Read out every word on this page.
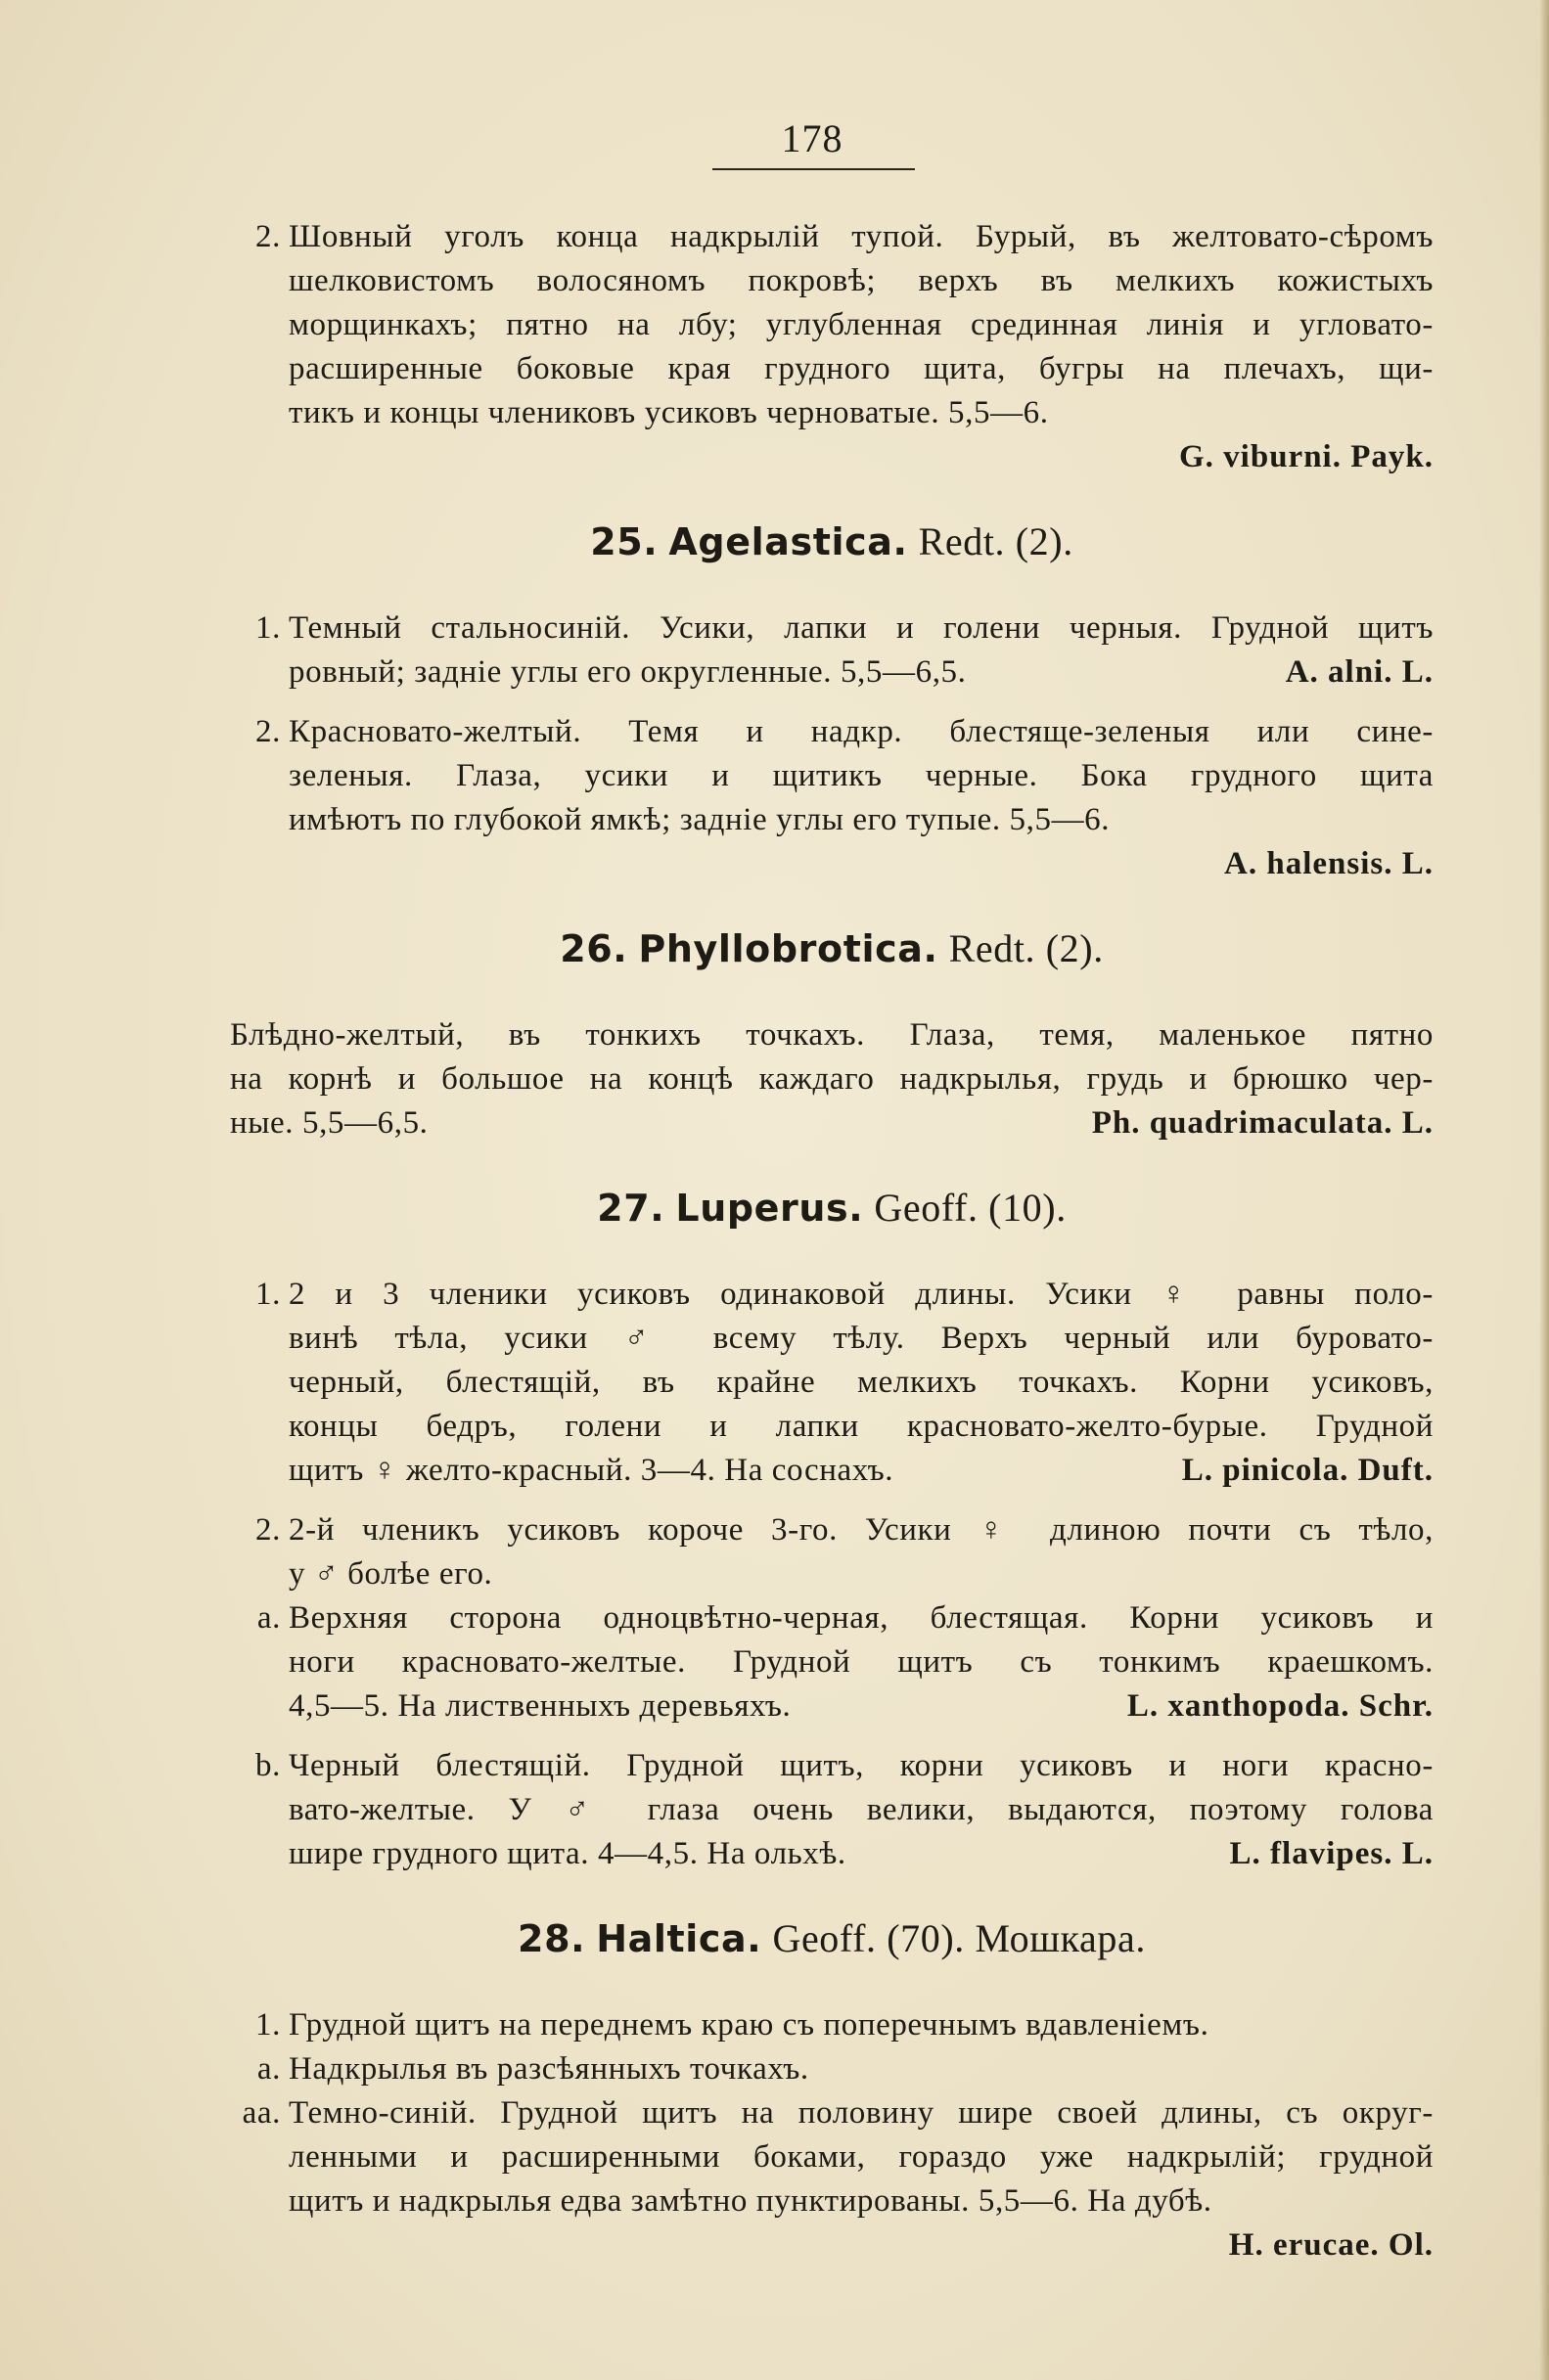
178
2. Шовный уголъ конца надкрылій тупой. Бурый, въ желтовато-сѣромъ
шелковистомъ волосяномъ покровѣ; верхъ въ мелкихъ кожистыхъ
морщинкахъ; пятно на лбу; углубленная срединная линія и угловато-
расширенные боковые края грудного щита, бугры на плечахъ, щи-
тикъ и концы члениковъ усиковъ черноватые. 5,5—6.
G. viburni. Payk.
25. Agelastica. Redt. (2).
1. Темный стальносиній. Усики, лапки и голени черныя. Грудной щитъ
ровный; задніе углы его округленные. 5,5—6,5.	A. alni. L.
2. Красновато-желтый. Темя и надкр. блестяще-зеленыя или сине-
зеленыя. Глаза, усики и щитикъ черные. Бока грудного щита
имѣютъ по глубокой ямкѣ; задніе углы его тупые. 5,5—6.
A. halensis. L.
26. Phyllobrotica. Redt. (2).
Блѣдно-желтый, въ тонкихъ точкахъ. Глаза, темя, маленькое пятно
на корнѣ и большое на концѣ каждаго надкрылья, грудь и брюшко чер-
ные. 5,5—6,5.	Ph. quadrimaculata. L.
27. Luperus. Geoff. (10).
1. 2 и 3 членики усиковъ одинаковой длины. Усики ♀ равны поло-
винѣ тѣла, усики ♂ всему тѣлу. Верхъ черный или буровато-
черный, блестящій, въ крайне мелкихъ точкахъ. Корни усиковъ,
концы бедръ, голени и лапки красновато-желто-бурые. Грудной
щитъ ♀ желто-красный. 3—4. На соснахъ.	L. pinicola. Duft.
2. 2-й членикъ усиковъ короче 3-го. Усики ♀ длиною почти съ тѣло,
у ♂ болѣе его.
a. Верхняя сторона одноцвѣтно-черная, блестящая. Корни усиковъ и
ноги красновато-желтые. Грудной щитъ съ тонкимъ краешкомъ.
4,5—5. На лиственныхъ деревьяхъ.	L. xanthopoda. Schr.
b. Черный блестящій. Грудной щитъ, корни усиковъ и ноги красно-
вато-желтые. У ♂ глаза очень велики, выдаются, поэтому голова
шире грудного щита. 4—4,5. На ольхѣ.	L. flavipes. L.
28. Haltica. Geoff. (70). Мошкара.
1. Грудной щитъ на переднемъ краю съ поперечнымъ вдавленіемъ.
a. Надкрылья въ разсѣянныхъ точкахъ.
aa. Темно-синій. Грудной щитъ на половину шире своей длины, съ округ-
ленными и расширенными боками, гораздо уже надкрылій; грудной
щитъ и надкрылья едва замѣтно пунктированы. 5,5—6. На дубѣ.
H. erucae. Ol.
